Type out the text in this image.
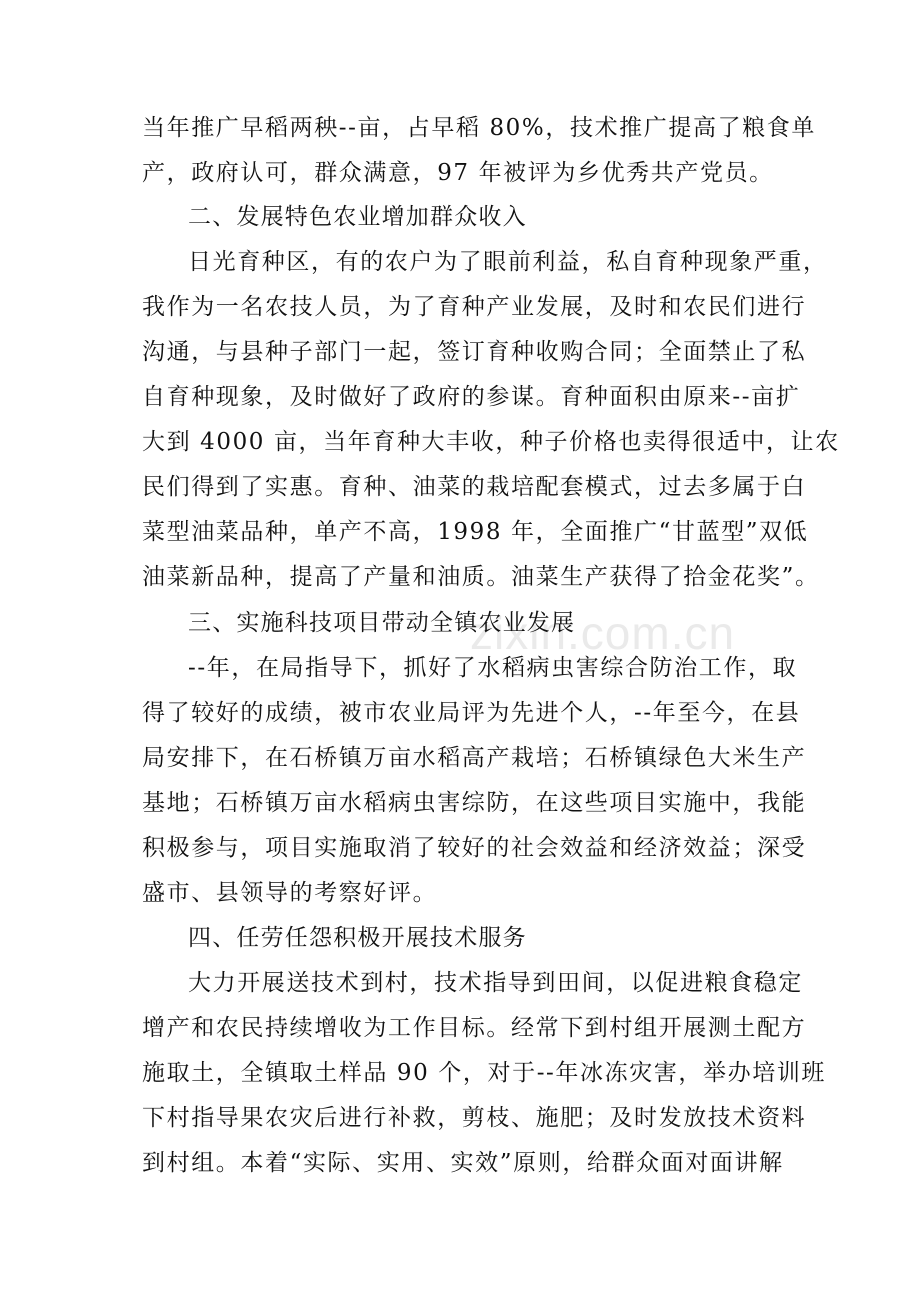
zixin.com.cn
当年推广早稻两秧--亩，占早稻 80%，技术推广提高了粮食单
产，政府认可，群众满意，97 年被评为乡优秀共产党员。
二、发展特色农业增加群众收入
日光育种区，有的农户为了眼前利益，私自育种现象严重，
我作为一名农技人员，为了育种产业发展，及时和农民们进行
沟通，与县种子部门一起，签订育种收购合同；全面禁止了私
自育种现象，及时做好了政府的参谋。育种面积由原来--亩扩
大到 4000 亩，当年育种大丰收，种子价格也卖得很适中，让农
民们得到了实惠。育种、油菜的栽培配套模式，过去多属于白
菜型油菜品种，单产不高，1998 年，全面推广“甘蓝型”双低
油菜新品种，提高了产量和油质。油菜生产获得了拾金花奖”。
三、实施科技项目带动全镇农业发展
--年，在局指导下，抓好了水稻病虫害综合防治工作，取
得了较好的成绩，被市农业局评为先进个人，--年至今，在县
局安排下，在石桥镇万亩水稻高产栽培；石桥镇绿色大米生产
基地；石桥镇万亩水稻病虫害综防，在这些项目实施中，我能
积极参与，项目实施取消了较好的社会效益和经济效益；深受
盛市、县领导的考察好评。
四、任劳任怨积极开展技术服务
大力开展送技术到村，技术指导到田间，以促进粮食稳定
增产和农民持续增收为工作目标。经常下到村组开展测土配方
施取土，全镇取土样品 90 个，对于--年冰冻灾害，举办培训班
下村指导果农灾后进行补救，剪枝、施肥；及时发放技术资料
到村组。本着“实际、实用、实效”原则，给群众面对面讲解
